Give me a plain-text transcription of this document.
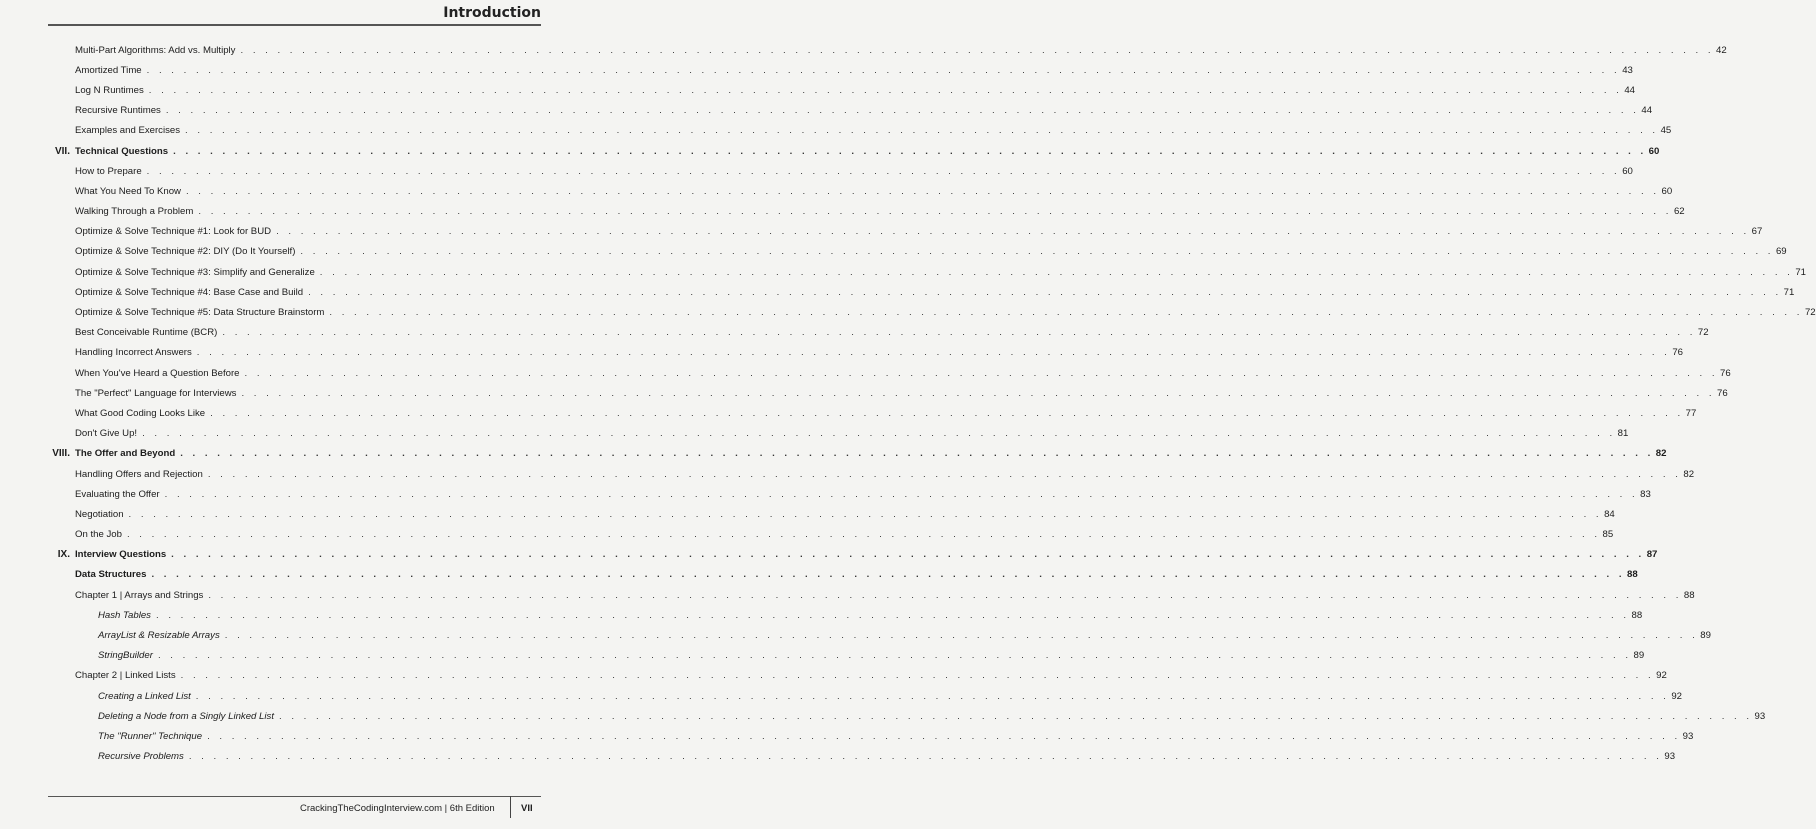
Introduction
Multi-Part Algorithms: Add vs. Multiply . . . . . . . . . . . . . . . . . . . . . . . . . . . . . . . . . . . . . . . . . . . . . . . . . . . . . . . . . . . . . . . . . . . . . . . . . . . . . . . . . . . . . . . . . . . . . . . . . . . . . . . . . . . . . . . . . . . . . . . . 42
Amortized Time . . . . . . . . . . . . . . . . . . . . . . . . . . . . . . . . . . . . . . . . . . . . . . . . . . . . . . . . . . . . . . . . . . . . . . . . . . . . . . . . . . . . . . . . . . . . . . . . . . . . . . . . . . . . . . . . . . . . . . . . 43
Log N Runtimes . . . . . . . . . . . . . . . . . . . . . . . . . . . . . . . . . . . . . . . . . . . . . . . . . . . . . . . . . . . . . . . . . . . . . . . . . . . . . . . . . . . . . . . . . . . . . . . . . . . . . . . . . . . . . . . . . . . . . . . . 44
Recursive Runtimes . . . . . . . . . . . . . . . . . . . . . . . . . . . . . . . . . . . . . . . . . . . . . . . . . . . . . . . . . . . . . . . . . . . . . . . . . . . . . . . . . . . . . . . . . . . . . . . . . . . . . . . . . . . . . . . . . . . . . . . . 44
Examples and Exercises . . . . . . . . . . . . . . . . . . . . . . . . . . . . . . . . . . . . . . . . . . . . . . . . . . . . . . . . . . . . . . . . . . . . . . . . . . . . . . . . . . . . . . . . . . . . . . . . . . . . . . . . . . . . . . . . . . . . . . . . 45
VII. Technical Questions . . . . . . . . . . . . . . . . . . . . . . . . . . . . . . . . . . . . . . . . . . . . . . . . . . . . . . . . . . . . . . . . . . . . . . . . . . . . . . . . . . . . . . . . . . . . . . . . . . . . . . . . . . . . . . . . . . . . . . . . 60
How to Prepare . . . . . . . . . . . . . . . . . . . . . . . . . . . . . . . . . . . . . . . . . . . . . . . . . . . . . . . . . . . . . . . . . . . . . . . . . . . . . . . . . . . . . . . . . . . . . . . . . . . . . . . . . . . . . . . . . . . . . . . . 60
What You Need To Know . . . . . . . . . . . . . . . . . . . . . . . . . . . . . . . . . . . . . . . . . . . . . . . . . . . . . . . . . . . . . . . . . . . . . . . . . . . . . . . . . . . . . . . . . . . . . . . . . . . . . . . . . . . . . . . . . . . . . . . . 60
Walking Through a Problem . . . . . . . . . . . . . . . . . . . . . . . . . . . . . . . . . . . . . . . . . . . . . . . . . . . . . . . . . . . . . . . . . . . . . . . . . . . . . . . . . . . . . . . . . . . . . . . . . . . . . . . . . . . . . . . . . . . . . . . . 62
Optimize & Solve Technique #1: Look for BUD . . . . . . . . . . . . . . . . . . . . . . . . . . . . . . . . . . . . . . . . . . . . . . . . . . . . . . . . . . . . . . . . . . . . . . . . . . . . . . . . . . . . . . . . . . . . . . . . . . . . . . . . . . . . . . . . . . . . . . . . 67
Optimize & Solve Technique #2: DIY (Do It Yourself) . . . . . . . . . . . . . . . . . . . . . . . . . . . . . . . . . . . . . . . . . . . . . . . . . . . . . . . . . . . . . . . . . . . . . . . . . . . . . . . . . . . . . . . . . . . . . . . . . . . . . . . . . . . . . . . . . . . . . . . . 69
Optimize & Solve Technique #3: Simplify and Generalize . . . . . . . . . . . . . . . . . . . . . . . . . . . . . . . . . . . . . . . . . . . . . . . . . . . . . . . . . . . . . . . . . . . . . . . . . . . . . . . . . . . . . . . . . . . . . . . . . . . . . . . . . . . . . . . . . . . . . . . . 71
Optimize & Solve Technique #4: Base Case and Build . . . . . . . . . . . . . . . . . . . . . . . . . . . . . . . . . . . . . . . . . . . . . . . . . . . . . . . . . . . . . . . . . . . . . . . . . . . . . . . . . . . . . . . . . . . . . . . . . . . . . . . . . . . . . . . . . . . . . . . . 71
Optimize & Solve Technique #5: Data Structure Brainstorm . . . . . . . . . . . . . . . . . . . . . . . . . . . . . . . . . . . . . . . . . . . . . . . . . . . . . . . . . . . . . . . . . . . . . . . . . . . . . . . . . . . . . . . . . . . . . . . . . . . . . . . . . . . . . . . . . . . . . . . . 72
Best Conceivable Runtime (BCR) . . . . . . . . . . . . . . . . . . . . . . . . . . . . . . . . . . . . . . . . . . . . . . . . . . . . . . . . . . . . . . . . . . . . . . . . . . . . . . . . . . . . . . . . . . . . . . . . . . . . . . . . . . . . . . . . . . . . . . . . 72
Handling Incorrect Answers . . . . . . . . . . . . . . . . . . . . . . . . . . . . . . . . . . . . . . . . . . . . . . . . . . . . . . . . . . . . . . . . . . . . . . . . . . . . . . . . . . . . . . . . . . . . . . . . . . . . . . . . . . . . . . . . . . . . . . . . 76
When You've Heard a Question Before . . . . . . . . . . . . . . . . . . . . . . . . . . . . . . . . . . . . . . . . . . . . . . . . . . . . . . . . . . . . . . . . . . . . . . . . . . . . . . . . . . . . . . . . . . . . . . . . . . . . . . . . . . . . . . . . . . . . . . . . 76
The "Perfect" Language for Interviews . . . . . . . . . . . . . . . . . . . . . . . . . . . . . . . . . . . . . . . . . . . . . . . . . . . . . . . . . . . . . . . . . . . . . . . . . . . . . . . . . . . . . . . . . . . . . . . . . . . . . . . . . . . . . . . . . . . . . . . . 76
What Good Coding Looks Like . . . . . . . . . . . . . . . . . . . . . . . . . . . . . . . . . . . . . . . . . . . . . . . . . . . . . . . . . . . . . . . . . . . . . . . . . . . . . . . . . . . . . . . . . . . . . . . . . . . . . . . . . . . . . . . . . . . . . . . . 77
Don't Give Up! . . . . . . . . . . . . . . . . . . . . . . . . . . . . . . . . . . . . . . . . . . . . . . . . . . . . . . . . . . . . . . . . . . . . . . . . . . . . . . . . . . . . . . . . . . . . . . . . . . . . . . . . . . . . . . . . . . . . . . . . 81
VIII. The Offer and Beyond . . . . . . . . . . . . . . . . . . . . . . . . . . . . . . . . . . . . . . . . . . . . . . . . . . . . . . . . . . . . . . . . . . . . . . . . . . . . . . . . . . . . . . . . . . . . . . . . . . . . . . . . . . . . . . . . . . . . . . . . 82
Handling Offers and Rejection . . . . . . . . . . . . . . . . . . . . . . . . . . . . . . . . . . . . . . . . . . . . . . . . . . . . . . . . . . . . . . . . . . . . . . . . . . . . . . . . . . . . . . . . . . . . . . . . . . . . . . . . . . . . . . . . . . . . . . . . 82
Evaluating the Offer . . . . . . . . . . . . . . . . . . . . . . . . . . . . . . . . . . . . . . . . . . . . . . . . . . . . . . . . . . . . . . . . . . . . . . . . . . . . . . . . . . . . . . . . . . . . . . . . . . . . . . . . . . . . . . . . . . . . . . . . 83
Negotiation . . . . . . . . . . . . . . . . . . . . . . . . . . . . . . . . . . . . . . . . . . . . . . . . . . . . . . . . . . . . . . . . . . . . . . . . . . . . . . . . . . . . . . . . . . . . . . . . . . . . . . . . . . . . . . . . . . . . . . . . 84
On the Job . . . . . . . . . . . . . . . . . . . . . . . . . . . . . . . . . . . . . . . . . . . . . . . . . . . . . . . . . . . . . . . . . . . . . . . . . . . . . . . . . . . . . . . . . . . . . . . . . . . . . . . . . . . . . . . . . . . . . . . . 85
IX. Interview Questions . . . . . . . . . . . . . . . . . . . . . . . . . . . . . . . . . . . . . . . . . . . . . . . . . . . . . . . . . . . . . . . . . . . . . . . . . . . . . . . . . . . . . . . . . . . . . . . . . . . . . . . . . . . . . . . . . . . . . . . . 87
Data Structures . . . . . . . . . . . . . . . . . . . . . . . . . . . . . . . . . . . . . . . . . . . . . . . . . . . . . . . . . . . . . . . . . . . . . . . . . . . . . . . . . . . . . . . . . . . . . . . . . . . . . . . . . . . . . . . . . . . . . . . . 88
Chapter 1 | Arrays and Strings . . . . . . . . . . . . . . . . . . . . . . . . . . . . . . . . . . . . . . . . . . . . . . . . . . . . . . . . . . . . . . . . . . . . . . . . . . . . . . . . . . . . . . . . . . . . . . . . . . . . . . . . . . . . . . . . . . . . . . . . 88
Hash Tables . . . . . . . . . . . . . . . . . . . . . . . . . . . . . . . . . . . . . . . . . . . . . . . . . . . . . . . . . . . . . . . . . . . . . . . . . . . . . . . . . . . . . . . . . . . . . . . . . . . . . . . . . . . . . . . . . . . . . . . . 88
ArrayList & Resizable Arrays . . . . . . . . . . . . . . . . . . . . . . . . . . . . . . . . . . . . . . . . . . . . . . . . . . . . . . . . . . . . . . . . . . . . . . . . . . . . . . . . . . . . . . . . . . . . . . . . . . . . . . . . . . . . . . . . . . . . . . . . 89
StringBuilder . . . . . . . . . . . . . . . . . . . . . . . . . . . . . . . . . . . . . . . . . . . . . . . . . . . . . . . . . . . . . . . . . . . . . . . . . . . . . . . . . . . . . . . . . . . . . . . . . . . . . . . . . . . . . . . . . . . . . . . . 89
Chapter 2 | Linked Lists . . . . . . . . . . . . . . . . . . . . . . . . . . . . . . . . . . . . . . . . . . . . . . . . . . . . . . . . . . . . . . . . . . . . . . . . . . . . . . . . . . . . . . . . . . . . . . . . . . . . . . . . . . . . . . . . . . . . . . . . 92
Creating a Linked List . . . . . . . . . . . . . . . . . . . . . . . . . . . . . . . . . . . . . . . . . . . . . . . . . . . . . . . . . . . . . . . . . . . . . . . . . . . . . . . . . . . . . . . . . . . . . . . . . . . . . . . . . . . . . . . . . . . . . . . . 92
Deleting a Node from a Singly Linked List . . . . . . . . . . . . . . . . . . . . . . . . . . . . . . . . . . . . . . . . . . . . . . . . . . . . . . . . . . . . . . . . . . . . . . . . . . . . . . . . . . . . . . . . . . . . . . . . . . . . . . . . . . . . . . . . . . . . . . . . 93
The "Runner" Technique . . . . . . . . . . . . . . . . . . . . . . . . . . . . . . . . . . . . . . . . . . . . . . . . . . . . . . . . . . . . . . . . . . . . . . . . . . . . . . . . . . . . . . . . . . . . . . . . . . . . . . . . . . . . . . . . . . . . . . . . 93
Recursive Problems . . . . . . . . . . . . . . . . . . . . . . . . . . . . . . . . . . . . . . . . . . . . . . . . . . . . . . . . . . . . . . . . . . . . . . . . . . . . . . . . . . . . . . . . . . . . . . . . . . . . . . . . . . . . . . . . . . . . . . . . 93
CrackingTheCodingInterview.com | 6th Edition	VII
